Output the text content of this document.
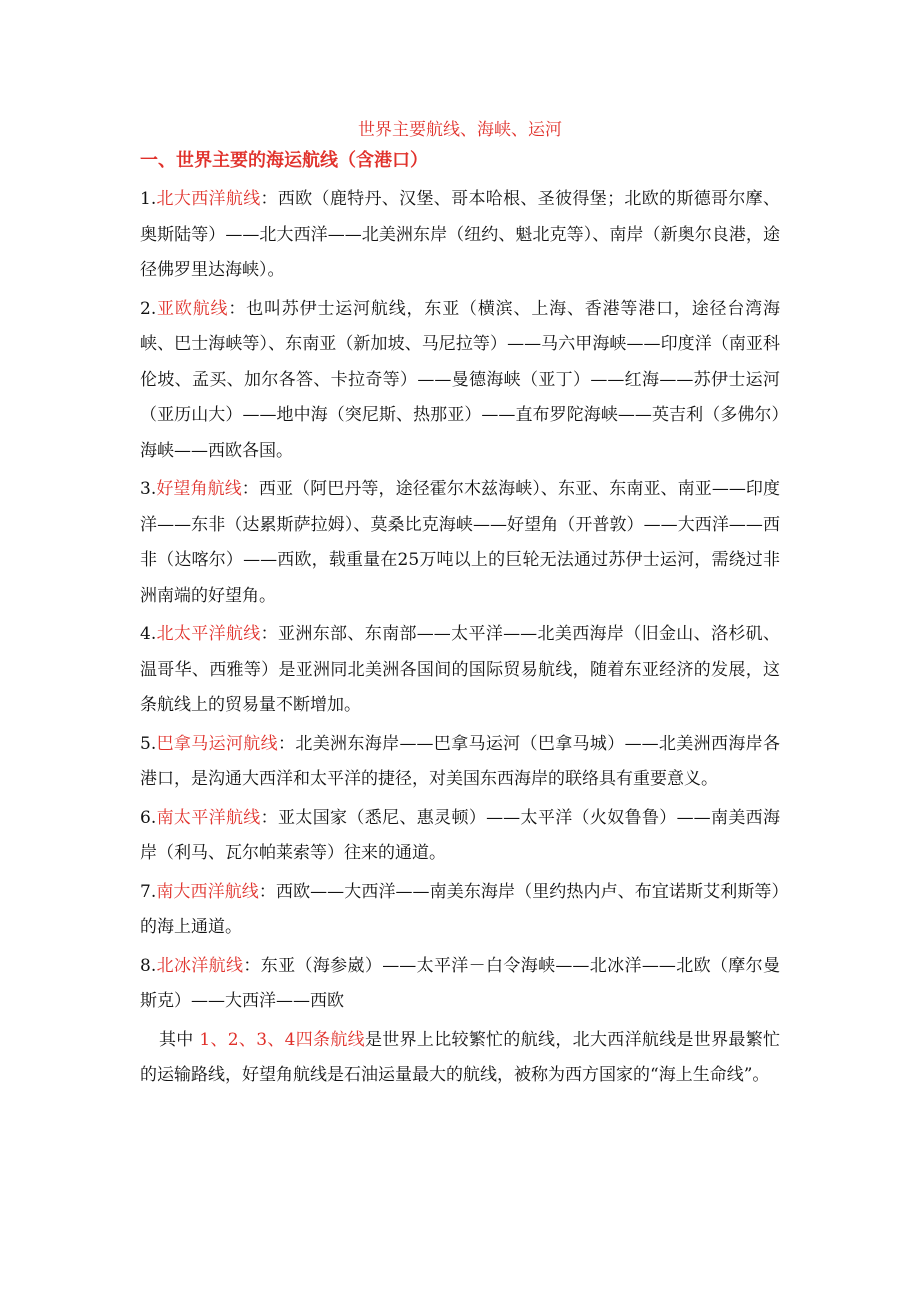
世界主要航线、海峡、运河
一、世界主要的海运航线（含港口）

1.北大西洋航线：西欧（鹿特丹、汉堡、哥本哈根、圣彼得堡；北欧的斯德哥尔摩、奥斯陆等）——北大西洋——北美洲东岸（纽约、魁北克等）、南岸（新奥尔良港，途径佛罗里达海峡）。

2.亚欧航线：也叫苏伊士运河航线，东亚（横滨、上海、香港等港口，途径台湾海峡、巴士海峡等）、东南亚（新加坡、马尼拉等）——马六甲海峡——印度洋（南亚科伦坡、孟买、加尔各答、卡拉奇等）——曼德海峡（亚丁）——红海——苏伊士运河（亚历山大）——地中海（突尼斯、热那亚）——直布罗陀海峡——英吉利（多佛尔）海峡——西欧各国。

3.好望角航线：西亚（阿巴丹等，途径霍尔木兹海峡）、东亚、东南亚、南亚——印度洋——东非（达累斯萨拉姆）、莫桑比克海峡——好望角（开普敦）——大西洋——西非（达喀尔）——西欧，载重量在25万吨以上的巨轮无法通过苏伊士运河，需绕过非洲南端的好望角。

4.北太平洋航线：亚洲东部、东南部——太平洋——北美西海岸（旧金山、洛杉矶、温哥华、西雅等）是亚洲同北美洲各国间的国际贸易航线，随着东亚经济的发展，这条航线上的贸易量不断增加。

5.巴拿马运河航线：北美洲东海岸——巴拿马运河（巴拿马城）——北美洲西海岸各港口，是沟通大西洋和太平洋的捷径，对美国东西海岸的联络具有重要意义。

6.南太平洋航线：亚太国家（悉尼、惠灵顿）——太平洋（火奴鲁鲁）——南美西海岸（利马、瓦尔帕莱索等）往来的通道。

7.南大西洋航线：西欧——大西洋——南美东海岸（里约热内卢、布宜诺斯艾利斯等）的海上通道。

8.北冰洋航线：东亚（海参崴）——太平洋－白令海峡——北冰洋——北欧（摩尔曼斯克）——大西洋——西欧

其中 1、2、3、4四条航线是世界上比较繁忙的航线，北大西洋航线是世界最繁忙的运输路线，好望角航线是石油运量最大的航线，被称为西方国家的“海上生命线”。
